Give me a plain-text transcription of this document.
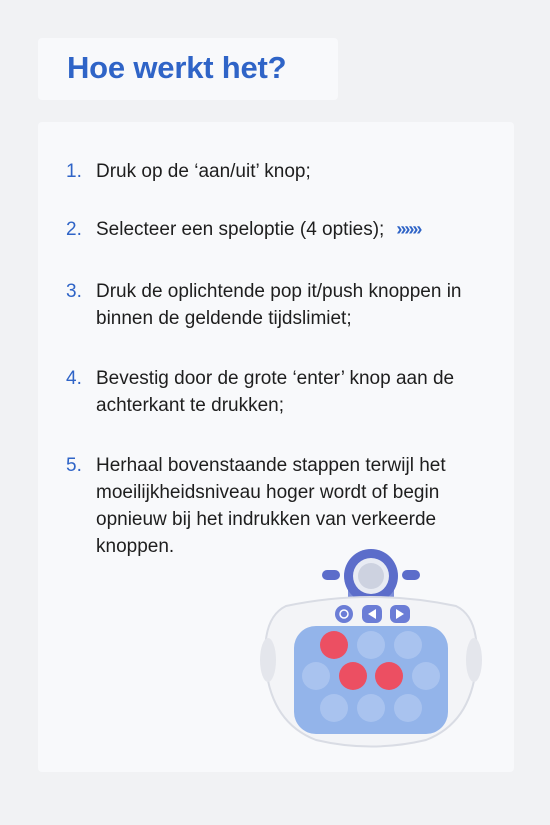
Hoe werkt het?
1. Druk op de ‘aan/uit’ knop;
2. Selecteer een speloptie (4 opties); »»»
3. Druk de oplichtende pop it/push knoppen in binnen de geldende tijdslimiet;
4. Bevestig door de grote ‘enter’ knop aan de achterkant te drukken;
5. Herhaal bovenstaande stappen terwijl het moeilijkheidsniveau hoger wordt of begin opnieuw bij het indrukken van verkeerde knoppen.
